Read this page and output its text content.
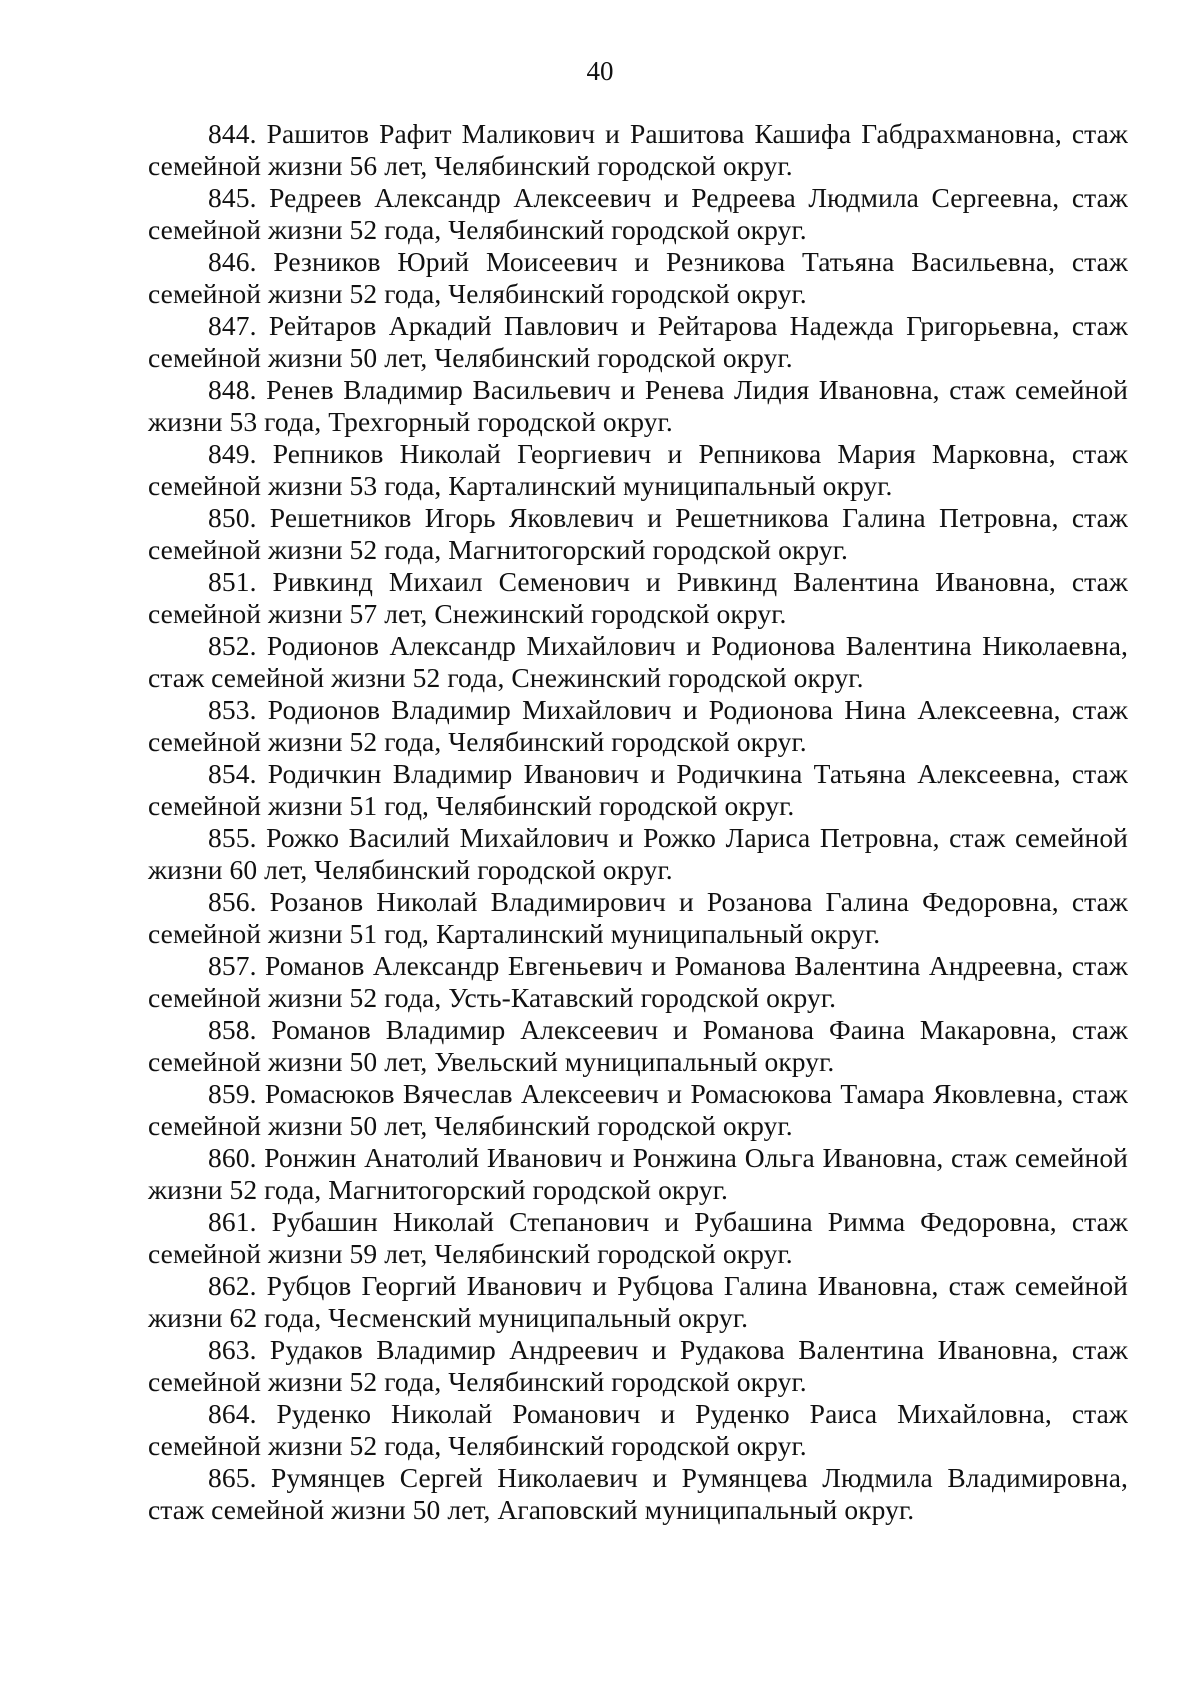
40

844 . Рашитов Рафит Маликович и Рашитова Кашифа Габдрахмановна, стаж семейной жизни 56 лет, Челябинский городской округ.

845 . Редреев Александр Алексеевич и Редреева Людмила Сергеевна, стаж семейной жизни 52 года, Челябинский городской округ.

846 . Резников Юрий Моисеевич и Резникова Татьяна Васильевна, стаж семейной жизни 52 года, Челябинский городской округ.

847 . Рейтаров Аркадий Павлович и Рейтарова Надежда Григорьевна, стаж семейной жизни 50 лет, Челябинский городской округ.

848 . Ренев Владимир Васильевич и Ренева Лидия Ивановна, стаж семейной жизни 53 года, Трехгорный городской округ.

849 . Репников Николай Георгиевич и Репникова Мария Марковна, стаж семейной жизни 53 года, Карталинский муниципальный округ.

850 . Решетников Игорь Яковлевич и Решетникова Галина Петровна, стаж семейной жизни 52 года, Магнитогорский городской округ.

851 . Ривкинд Михаил Семенович и Ривкинд Валентина Ивановна, стаж семейной жизни 57 лет, Снежинский городской округ.

852 . Родионов Александр Михайлович и Родионова Валентина Николаевна, стаж семейной жизни 52 года, Снежинский городской округ.

853 . Родионов Владимир Михайлович и Родионова Нина Алексеевна, стаж семейной жизни 52 года, Челябинский городской округ.

854 . Родичкин Владимир Иванович и Родичкина Татьяна Алексеевна, стаж семейной жизни 51 год, Челябинский городской округ.

855 . Рожко Василий Михайлович и Рожко Лариса Петровна, стаж семейной жизни 60 лет, Челябинский городской округ.

856 . Розанов Николай Владимирович и Розанова Галина Федоровна, стаж семейной жизни 51 год, Карталинский муниципальный округ.

857 . Романов Александр Евгеньевич и Романова Валентина Андреевна, стаж семейной жизни 52 года, Усть-Катавский городской округ.

858 . Романов Владимир Алексеевич и Романова Фаина Макаровна, стаж семейной жизни 50 лет, Увельский муниципальный округ.

859 . Ромасюков Вячеслав Алексеевич и Ромасюкова Тамара Яковлевна, стаж семейной жизни 50 лет, Челябинский городской округ.

860 . Ронжин Анатолий Иванович и Ронжина Ольга Ивановна, стаж семейной жизни 52 года, Магнитогорский городской округ.

861 . Рубашин Николай Степанович и Рубашина Римма Федоровна, стаж семейной жизни 59 лет, Челябинский городской округ.

862 . Рубцов Георгий Иванович и Рубцова Галина Ивановна, стаж семейной жизни 62 года, Чесменский муниципальный округ.

863 . Рудаков Владимир Андреевич и Рудакова Валентина Ивановна, стаж семейной жизни 52 года, Челябинский городской округ.

864 . Руденко Николай Романович и Руденко Раиса Михайловна, стаж семейной жизни 52 года, Челябинский городской округ.

865 . Румянцев Сергей Николаевич и Румянцева Людмила Владимировна, стаж семейной жизни 50 лет, Агаповский муниципальный округ.
